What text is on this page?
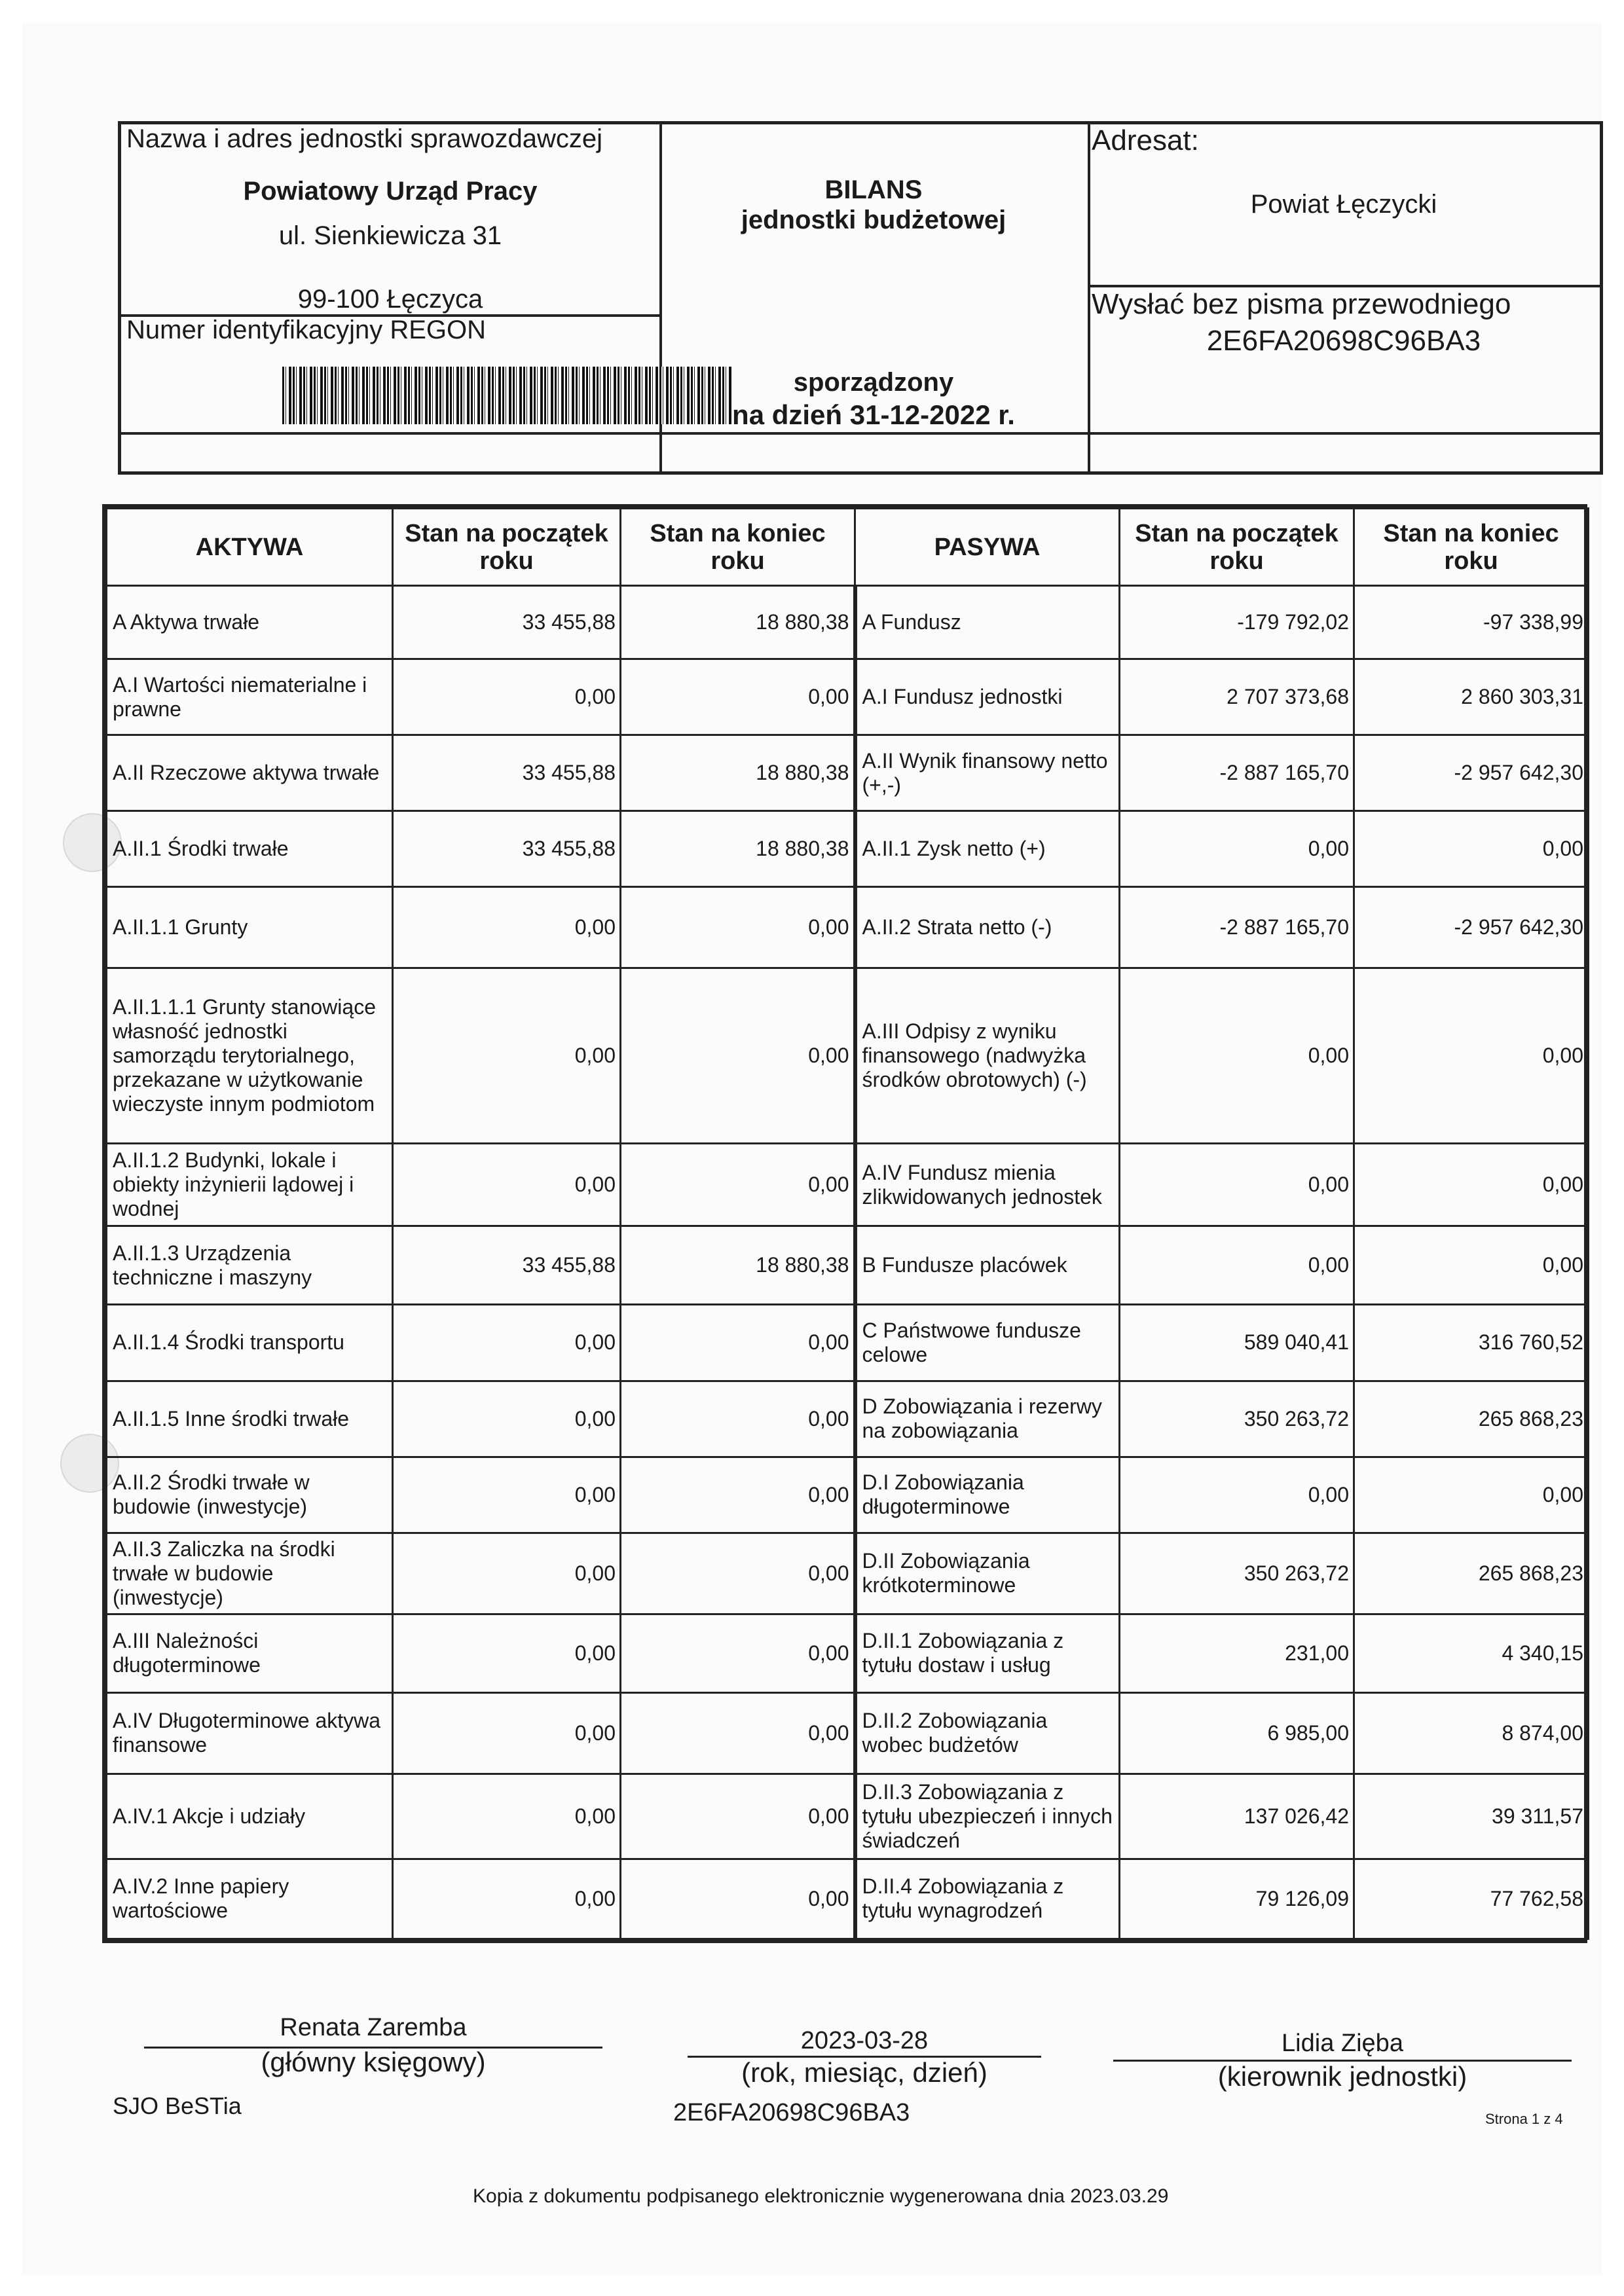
Nazwa i adres jednostki sprawozdawczej
Powiatowy Urząd Pracy
ul. Sienkiewicza 31
99-100 Łęczyca
Numer identyfikacyjny REGON
BILANS
jednostki budżetowej
sporządzony
na dzień 31-12-2022 r.
Adresat:
Powiat Łęczycki
Wysłać bez pisma przewodniego
2E6FA20698C96BA3
AKTYWA	Stan na początek roku	Stan na koniec roku	PASYWA	Stan na początek roku	Stan na koniec roku
A Aktywa trwałe	33 455,88	18 880,38	A Fundusz	-179 792,02	-97 338,99
A.I Wartości niematerialne i prawne	0,00	0,00	A.I Fundusz jednostki	2 707 373,68	2 860 303,31
A.II Rzeczowe aktywa trwałe	33 455,88	18 880,38	A.II Wynik finansowy netto (+,-)	-2 887 165,70	-2 957 642,30
A.II.1 Środki trwałe	33 455,88	18 880,38	A.II.1 Zysk netto (+)	0,00	0,00
A.II.1.1 Grunty	0,00	0,00	A.II.2 Strata netto (-)	-2 887 165,70	-2 957 642,30
A.II.1.1.1 Grunty stanowiące własność jednostki samorządu terytorialnego, przekazane w użytkowanie wieczyste innym podmiotom	0,00	0,00	A.III Odpisy z wyniku finansowego (nadwyżka środków obrotowych) (-)	0,00	0,00
A.II.1.2 Budynki, lokale i obiekty inżynierii lądowej i wodnej	0,00	0,00	A.IV Fundusz mienia zlikwidowanych jednostek	0,00	0,00
A.II.1.3 Urządzenia techniczne i maszyny	33 455,88	18 880,38	B Fundusze placówek	0,00	0,00
A.II.1.4 Środki transportu	0,00	0,00	C Państwowe fundusze celowe	589 040,41	316 760,52
A.II.1.5 Inne środki trwałe	0,00	0,00	D Zobowiązania i rezerwy na zobowiązania	350 263,72	265 868,23
A.II.2 Środki trwałe w budowie (inwestycje)	0,00	0,00	D.I Zobowiązania długoterminowe	0,00	0,00
A.II.3 Zaliczka na środki trwałe w budowie (inwestycje)	0,00	0,00	D.II Zobowiązania krótkoterminowe	350 263,72	265 868,23
A.III Należności długoterminowe	0,00	0,00	D.II.1 Zobowiązania z tytułu dostaw i usług	231,00	4 340,15
A.IV Długoterminowe aktywa finansowe	0,00	0,00	D.II.2 Zobowiązania wobec budżetów	6 985,00	8 874,00
A.IV.1 Akcje i udziały	0,00	0,00	D.II.3 Zobowiązania z tytułu ubezpieczeń i innych świadczeń	137 026,42	39 311,57
A.IV.2 Inne papiery wartościowe	0,00	0,00	D.II.4 Zobowiązania z tytułu wynagrodzeń	79 126,09	77 762,58
Renata Zaremba
(główny księgowy)
2023-03-28
(rok, miesiąc, dzień)
Lidia Zięba
(kierownik jednostki)
SJO BeSTia	2E6FA20698C96BA3	Strona 1 z 4
Kopia z dokumentu podpisanego elektronicznie wygenerowana dnia 2023.03.29
